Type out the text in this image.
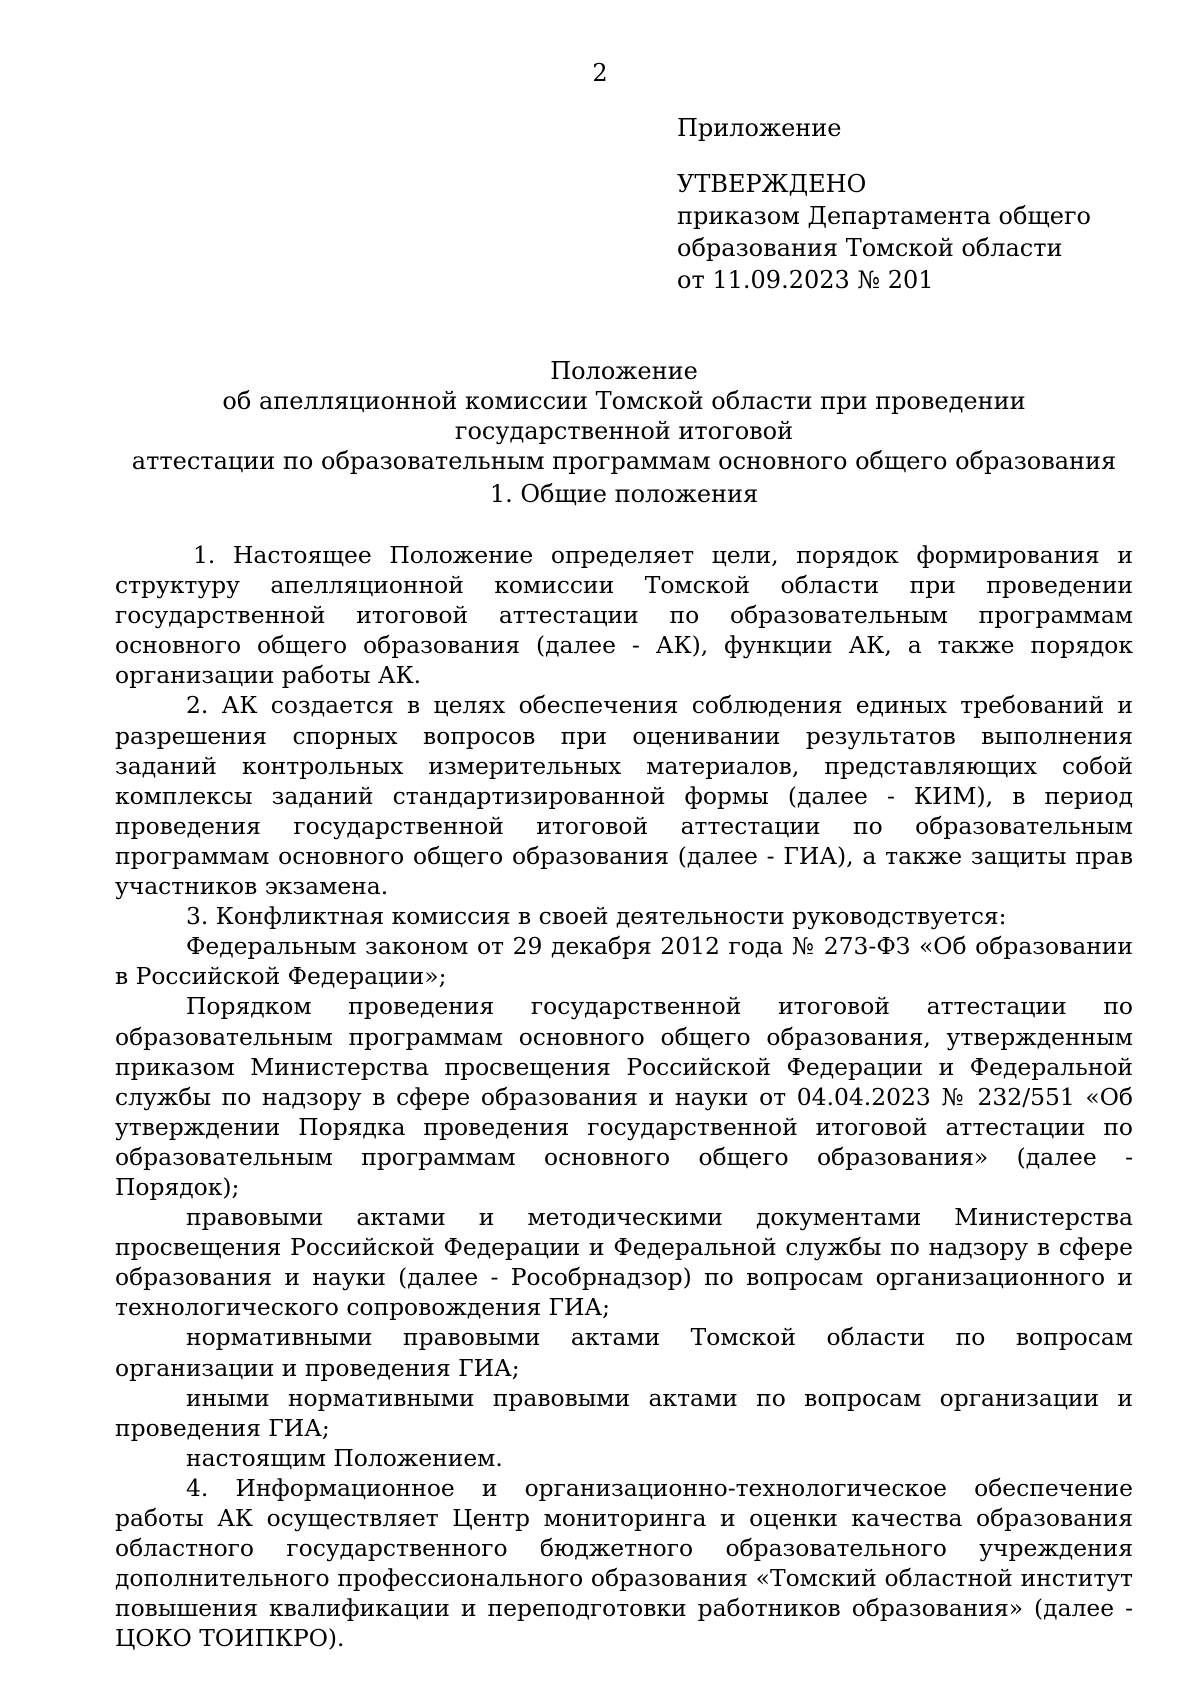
2
Приложение
УТВЕРЖДЕНО
приказом Департамента общего
образования Томской области
от 11.09.2023 № 201
Положение
об апелляционной комиссии Томской области при проведении государственной итоговой
аттестации по образовательным программам основного общего образования
1. Общие положения

1. Настоящее Положение определяет цели, порядок формирования и структуру апелляционной комиссии Томской области при проведении государственной итоговой аттестации по образовательным программам основного общего образования (далее - АК), функции АК, а также порядок организации работы АК.

2. АК создается в целях обеспечения соблюдения единых требований и разрешения спорных вопросов при оценивании результатов выполнения заданий контрольных измерительных материалов, представляющих собой комплексы заданий стандартизированной формы (далее - КИМ), в период проведения государственной итоговой аттестации по образовательным программам основного общего образования (далее - ГИА), а также защиты прав участников экзамена.

3. Конфликтная комиссия в своей деятельности руководствуется:

Федеральным законом от 29 декабря 2012 года № 273-ФЗ «Об образовании в Российской Федерации»;

Порядком проведения государственной итоговой аттестации по образовательным программам основного общего образования, утвержденным приказом Министерства просвещения Российской Федерации и Федеральной службы по надзору в сфере образования и науки от 04.04.2023 № 232/551 «Об утверждении Порядка проведения государственной итоговой аттестации по образовательным программам основного общего образования» (далее - Порядок);

правовыми актами и методическими документами Министерства просвещения Российской Федерации и Федеральной службы по надзору в сфере образования и науки (далее - Рособрнадзор) по вопросам организационного и технологического сопровождения ГИА;

нормативными правовыми актами Томской области по вопросам организации и проведения ГИА;

иными нормативными правовыми актами по вопросам организации и проведения ГИА;

настоящим Положением.

4. Информационное и организационно-технологическое обеспечение работы АК осуществляет Центр мониторинга и оценки качества образования областного государственного бюджетного образовательного учреждения дополнительного профессионального образования «Томский областной институт повышения квалификации и переподготовки работников образования» (далее - ЦОКО ТОИПКРО).
